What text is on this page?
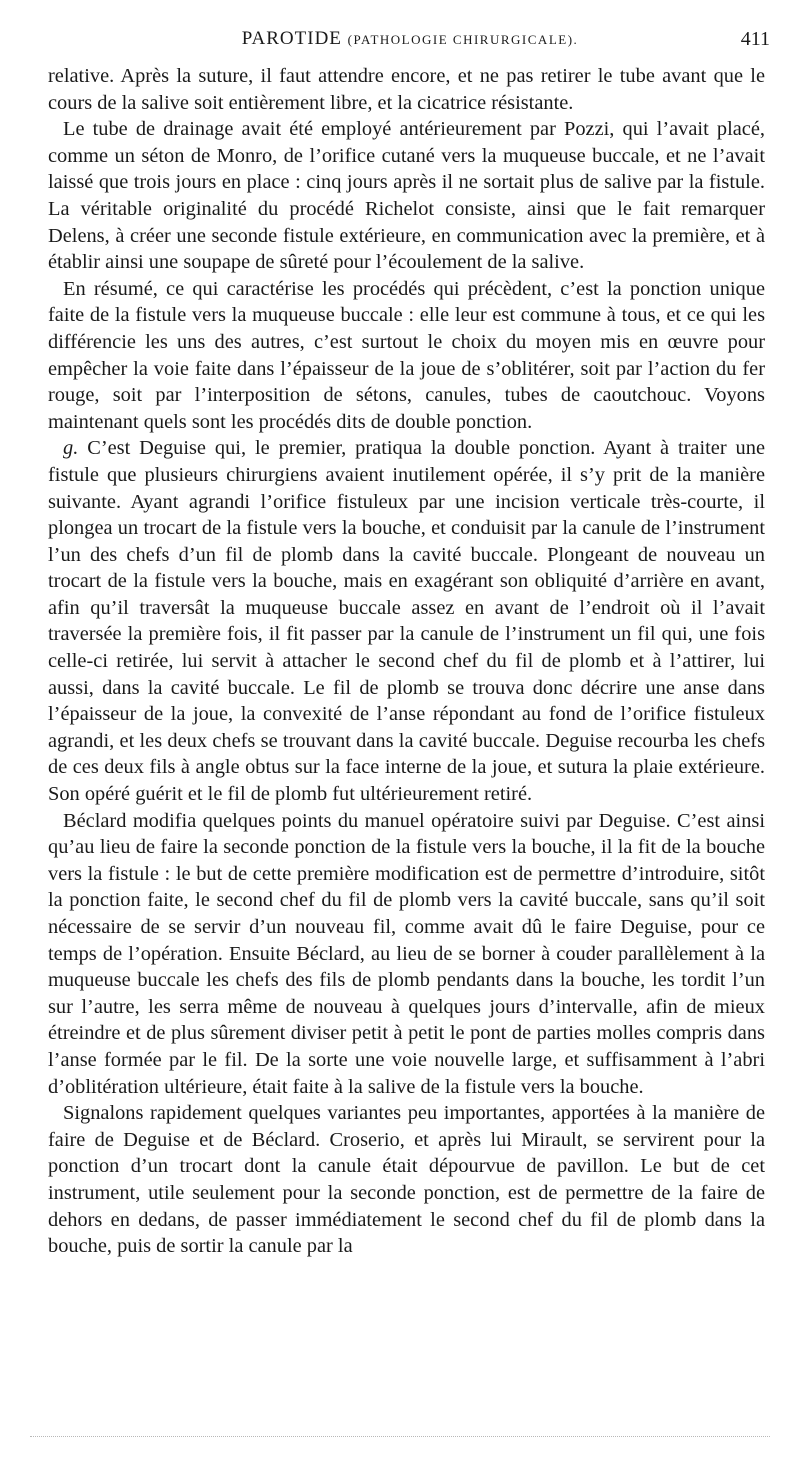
PAROTIDE (PATHOLOGIE CHIRURGICALE).	411

relative. Après la suture, il faut attendre encore, et ne pas retirer le tube avant que le cours de la salive soit entièrement libre, et la cicatrice résistante.

Le tube de drainage avait été employé antérieurement par Pozzi, qui l’avait placé, comme un séton de Monro, de l’orifice cutané vers la muqueuse buccale, et ne l’avait laissé que trois jours en place : cinq jours après il ne sortait plus de salive par la fistule. La véritable originalité du procédé Richelot consiste, ainsi que le fait remarquer Delens, à créer une seconde fistule extérieure, en communication avec la première, et à établir ainsi une soupape de sûreté pour l’écoulement de la salive.

En résumé, ce qui caractérise les procédés qui précèdent, c’est la ponction unique faite de la fistule vers la muqueuse buccale : elle leur est commune à tous, et ce qui les différencie les uns des autres, c’est surtout le choix du moyen mis en œuvre pour empêcher la voie faite dans l’épaisseur de la joue de s’oblitérer, soit par l’action du fer rouge, soit par l’interposition de sétons, canules, tubes de caoutchouc. Voyons maintenant quels sont les procédés dits de double ponction.

g. C’est Deguise qui, le premier, pratiqua la double ponction. Ayant à traiter une fistule que plusieurs chirurgiens avaient inutilement opérée, il s’y prit de la manière suivante. Ayant agrandi l’orifice fistuleux par une incision verticale très-courte, il plongea un trocart de la fistule vers la bouche, et conduisit par la canule de l’instrument l’un des chefs d’un fil de plomb dans la cavité buccale. Plongeant de nouveau un trocart de la fistule vers la bouche, mais en exagérant son obliquité d’arrière en avant, afin qu’il traversât la muqueuse buccale assez en avant de l’endroit où il l’avait traversée la première fois, il fit passer par la canule de l’instrument un fil qui, une fois celle-ci retirée, lui servit à attacher le second chef du fil de plomb et à l’attirer, lui aussi, dans la cavité buccale. Le fil de plomb se trouva donc décrire une anse dans l’épaisseur de la joue, la convexité de l’anse répondant au fond de l’orifice fistuleux agrandi, et les deux chefs se trouvant dans la cavité buccale. Deguise recourba les chefs de ces deux fils à angle obtus sur la face interne de la joue, et sutura la plaie extérieure. Son opéré guérit et le fil de plomb fut ultérieurement retiré.

Béclard modifia quelques points du manuel opératoire suivi par Deguise. C’est ainsi qu’au lieu de faire la seconde ponction de la fistule vers la bouche, il la fit de la bouche vers la fistule : le but de cette première modification est de permettre d’introduire, sitôt la ponction faite, le second chef du fil de plomb vers la cavité buccale, sans qu’il soit nécessaire de se servir d’un nouveau fil, comme avait dû le faire Deguise, pour ce temps de l’opération. Ensuite Béclard, au lieu de se borner à couder parallèlement à la muqueuse buccale les chefs des fils de plomb pendants dans la bouche, les tordit l’un sur l’autre, les serra même de nouveau à quelques jours d’intervalle, afin de mieux étreindre et de plus sûrement diviser petit à petit le pont de parties molles compris dans l’anse formée par le fil. De la sorte une voie nouvelle large, et suffisamment à l’abri d’oblitération ultérieure, était faite à la salive de la fistule vers la bouche.

Signalons rapidement quelques variantes peu importantes, apportées à la manière de faire de Deguise et de Béclard. Croserio, et après lui Mirault, se servirent pour la ponction d’un trocart dont la canule était dépourvue de pavillon. Le but de cet instrument, utile seulement pour la seconde ponction, est de permettre de la faire de dehors en dedans, de passer immédiatement le second chef du fil de plomb dans la bouche, puis de sortir la canule par la
